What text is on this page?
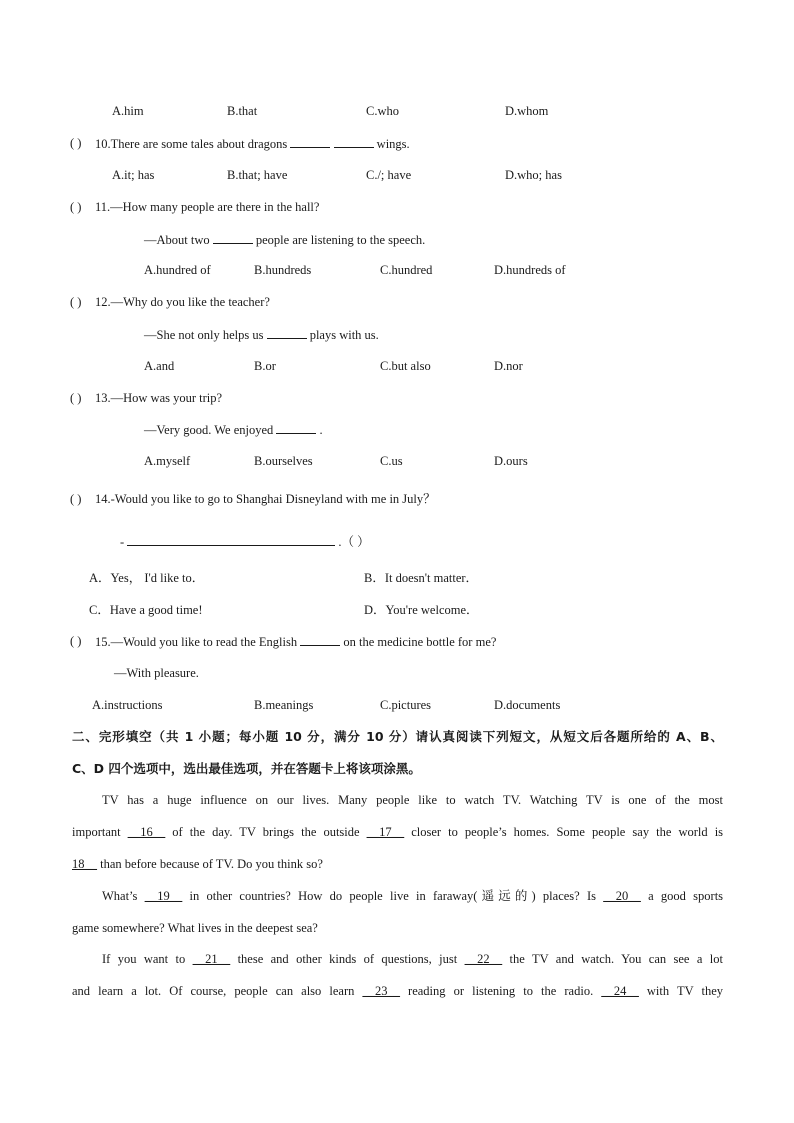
A.him	B.that	C.who	D.whom
( ) 10.There are some tales about dragons	wings.
A.it; has	B.that; have	C./; have	D.who; has
( ) 11.—How many people are there in the hall?
—About two	people are listening to the speech.
A.hundred of	B.hundreds	C.hundred	D.hundreds of
( ) 12.—Why do you like the teacher?
—She not only helps us	plays with us.
A.and	B.or	C.but also	D.nor
( ) 13.—How was your trip?
—Very good. We enjoyed	.
A.myself	B.ourselves	C.us	D.ours
( ) 14.-Would you like to go to Shanghai Disneyland with me in July？
-	.（ ）
A．Yes， I'd like to．	B．It doesn't matter．
C．Have a good time!	D．You're welcome．
( ) 15.—Would you like to read the English	on the medicine bottle for me?
—With pleasure.
A.instructions	B.meanings	C.pictures	D.documents
二、完形填空（共 1 小题；每小题 10 分，满分 10 分）请认真阅读下列短文，从短文后各题所给的 A、B、
C、D 四个选项中，选出最佳选项，并在答题卡上将该项涂黑。
TV has a huge influence on our lives. Many people like to watch TV. Watching TV is one of the most
important __16__ of the day. TV brings the outside __17__ closer to people’s homes. Some people say the world is
18__ than before because of TV. Do you think so?
What’s __19__ in other countries? How do people live in faraway(遥远的) places? Is __20__ a good sports
game somewhere? What lives in the deepest sea?
If you want to __21__ these and other kinds of questions, just __22__ the TV and watch. You can see a lot
and learn a lot. Of course, people can also learn __23__ reading or listening to the radio. __24__ with TV they
